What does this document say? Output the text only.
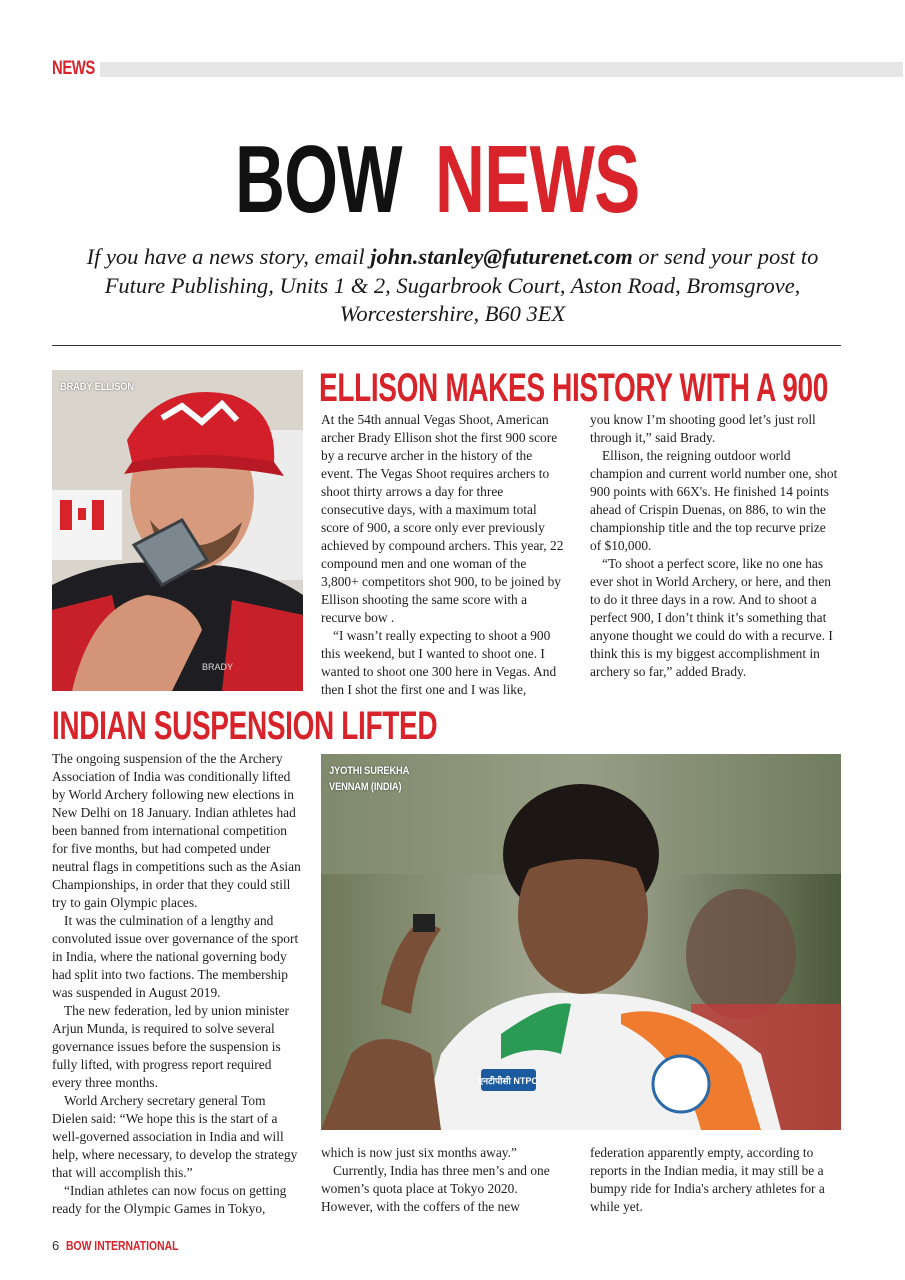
NEWS
BOW NEWS
If you have a news story, email john.stanley@futurenet.com or send your post to Future Publishing, Units 1 & 2, Sugarbrook Court, Aston Road, Bromsgrove, Worcestershire, B60 3EX
BRADY
BRADY ELLISON	ELLISON MAKES HISTORY WITH A 900

At the 54th annual Vegas Shoot, American archer Brady Ellison shot the first 900 score by a recurve archer in the history of the event. The Vegas Shoot requires archers to shoot thirty arrows a day for three consecutive days, with a maximum total score of 900, a score only ever previously achieved by compound archers. This year, 22 compound men and one woman of the 3,800+ competitors shot 900, to be joined by Ellison shooting the same score with a recurve bow .

“I wasn’t really expecting to shoot a 900 this weekend, but I wanted to shoot one. I wanted to shoot one 300 here in Vegas. And then I shot the first one and I was like,

you know I’m shooting good let’s just roll through it,” said Brady.

Ellison, the reigning outdoor world champion and current world number one, shot 900 points with 66X's. He finished 14 points ahead of Crispin Duenas, on 886, to win the championship title and the top recurve prize of $10,000.

“To shoot a perfect score, like no one has ever shot in World Archery, or here, and then to do it three days in a row. And to shoot a perfect 900, I don’t think it’s something that anyone thought we could do with a recurve. I think this is my biggest accomplishment in archery so far,” added Brady.

INDIAN SUSPENSION LIFTED

The ongoing suspension of the the Archery Association of India was conditionally lifted by World Archery following new elections in New Delhi on 18 January. Indian athletes had been banned from international competition for five months, but had competed under neutral flags in competitions such as the Asian Championships, in order that they could still try to gain Olympic places.

It was the culmination of a lengthy and convoluted issue over governance of the sport in India, where the national governing body had split into two factions. The membership was suspended in August 2019.

The new federation, led by union minister Arjun Munda, is required to solve several governance issues before the suspension is fully lifted, with progress report required every three months.

World Archery secretary general Tom Dielen said: “We hope this is the start of a well-governed association in India and will help, where necessary, to develop the strategy that will accomplish this.”

“Indian athletes can now focus on getting ready for the Olympic Games in Tokyo,

एनटीपीसी NTPC
JYOTHI SUREKHA
VENNAM (INDIA)

which is now just six months away.”

Currently, India has three men’s and one women’s quota place at Tokyo 2020. However, with the coffers of the new

federation apparently empty, according to reports in the Indian media, it may still be a bumpy ride for India's archery athletes for a while yet.

6 BOW INTERNATIONAL
